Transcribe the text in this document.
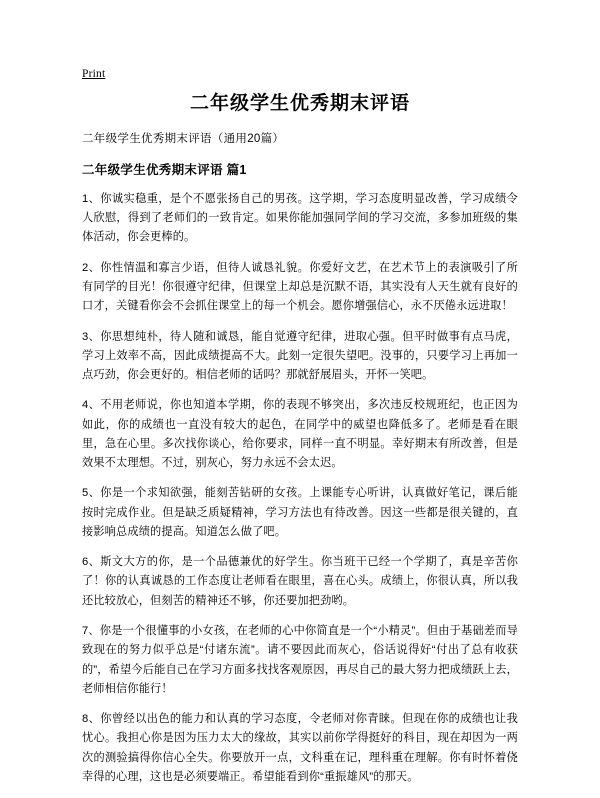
Print
二年级学生优秀期末评语

二年级学生优秀期末评语（通用20篇）

二年级学生优秀期末评语 篇1

1、你诚实稳重，是个不愿张扬自己的男孩。这学期，学习态度明显改善，学习成绩令人欣慰，得到了老师们的一致肯定。如果你能加强同学间的学习交流，多参加班级的集体活动，你会更棒的。

2、你性情温和寡言少语，但待人诚恳礼貌。你爱好文艺，在艺术节上的表演吸引了所有同学的目光！你很遵守纪律，但课堂上却总是沉默不语，其实没有人天生就有良好的口才，关键看你会不会抓住课堂上的每一个机会。愿你增强信心，永不厌倦永远进取！

3、你思想纯朴，待人随和诚恳，能自觉遵守纪律，进取心强。但平时做事有点马虎，学习上效率不高，因此成绩提高不大。此刻一定很失望吧。没事的，只要学习上再加一点巧劲，你会更好的。相信老师的话吗？那就舒展眉头，开怀一笑吧。

4、不用老师说，你也知道本学期，你的表现不够突出，多次违反校规班纪，也正因为如此，你的成绩也一直没有较大的起色，在同学中的威望也降低多了。老师是看在眼里，急在心里。多次找你谈心，给你要求，同样一直不明显。幸好期末有所改善，但是效果不太理想。不过，别灰心，努力永远不会太迟。

5、你是一个求知欲强，能刻苦钻研的女孩。上课能专心听讲，认真做好笔记，课后能按时完成作业。但是缺乏质疑精神，学习方法也有待改善。因这一些都是很关键的，直接影响总成绩的提高。知道怎么做了吧。

6、斯文大方的你，是一个品德兼优的好学生。你当班干已经一个学期了，真是辛苦你了！你的认真诚恳的工作态度让老师看在眼里，喜在心头。成绩上，你很认真，所以我还比较放心，但刻苦的精神还不够，你还要加把劲哟。

7、你是一个很懂事的小女孩，在老师的心中你简直是一个“小精灵”。但由于基础差而导致现在的努力似乎总是“付诸东流”。请不要因此而灰心，俗话说得好“付出了总有收获的”，希望今后能自己在学习方面多找找客观原因，再尽自己的最大努力把成绩跃上去，老师相信你能行！

8、你曾经以出色的能力和认真的学习态度，令老师对你青睐。但现在你的成绩也让我忧心。我担心你是因为压力太大的缘故，其实以前你学得挺好的科目，现在却因为一两次的测验搞得你信心全失。你要放开一点，文科重在记，理科重在理解。你有时怀着侥幸得的心理，这也是必须要端正。希望能看到你“重振雄风”的那天。
